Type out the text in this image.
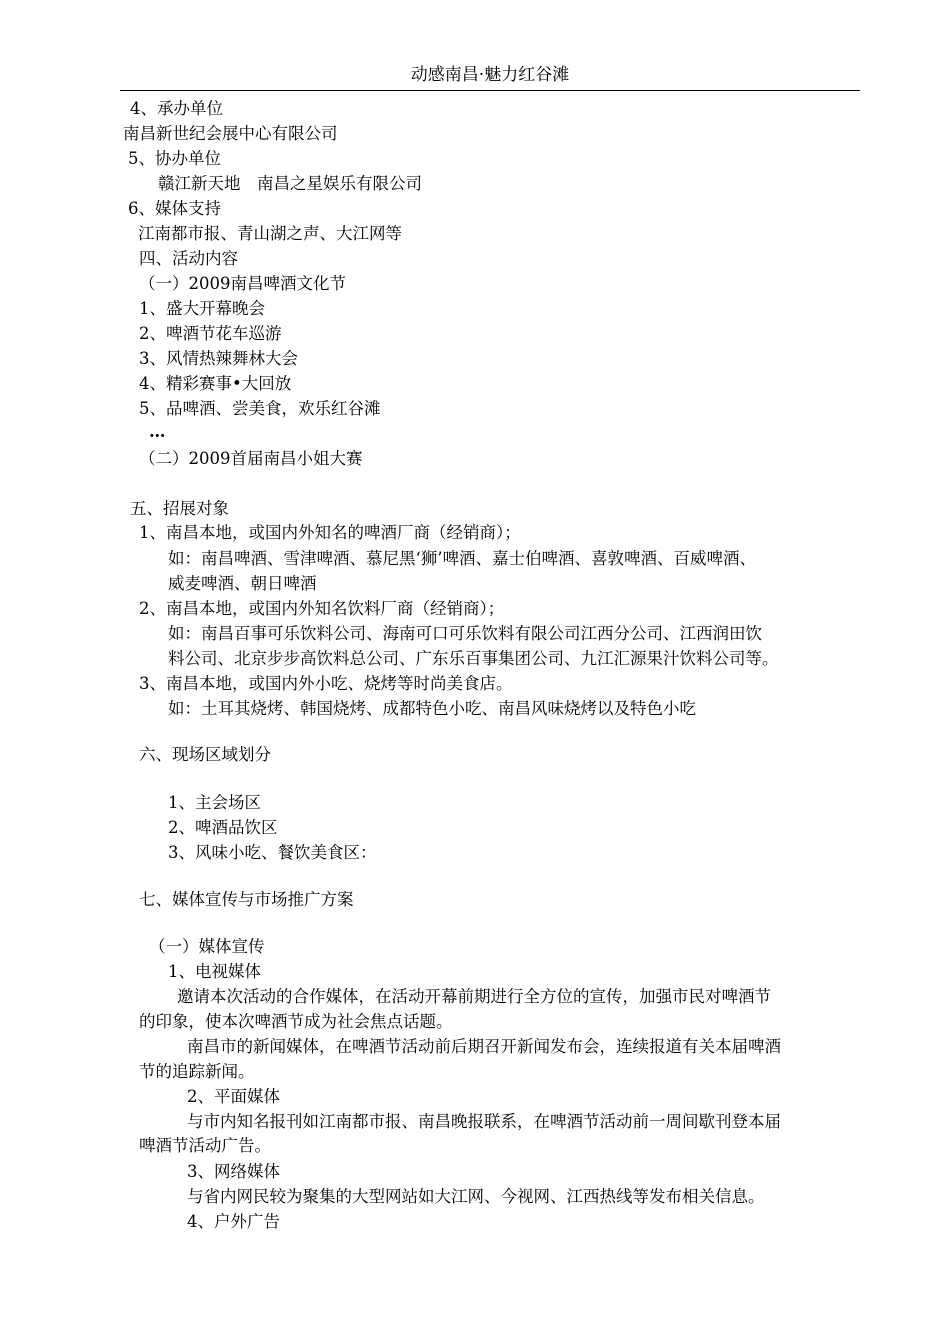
动感南昌·魅力红谷滩
4、承办单位
南昌新世纪会展中心有限公司
5、协办单位
赣江新天地　南昌之星娱乐有限公司
6、媒体支持
江南都市报、青山湖之声、大江网等
四、活动内容
（一）2009南昌啤酒文化节
1、盛大开幕晚会
2、啤酒节花车巡游
3、风情热辣舞林大会
4、精彩赛事•大回放
5、品啤酒、尝美食，欢乐红谷滩
…
（二）2009首届南昌小姐大赛
五、招展对象
1、南昌本地，或国内外知名的啤酒厂商（经销商）；
如：南昌啤酒、雪津啤酒、慕尼黑‘狮’啤酒、嘉士伯啤酒、喜敦啤酒、百威啤酒、
威麦啤酒、朝日啤酒
2、南昌本地，或国内外知名饮料厂商（经销商）；
如：南昌百事可乐饮料公司、海南可口可乐饮料有限公司江西分公司、江西润田饮
料公司、北京步步高饮料总公司、广东乐百事集团公司、九江汇源果汁饮料公司等。
3、南昌本地，或国内外小吃、烧烤等时尚美食店。
如：土耳其烧烤、韩国烧烤、成都特色小吃、南昌风味烧烤以及特色小吃
六、现场区域划分
1、主会场区
2、啤酒品饮区
3、风味小吃、餐饮美食区：
七、媒体宣传与市场推广方案
（一）媒体宣传
1、电视媒体
邀请本次活动的合作媒体，在活动开幕前期进行全方位的宣传，加强市民对啤酒节
的印象，使本次啤酒节成为社会焦点话题。
南昌市的新闻媒体，在啤酒节活动前后期召开新闻发布会，连续报道有关本届啤酒
节的追踪新闻。
2、平面媒体
与市内知名报刊如江南都市报、南昌晚报联系，在啤酒节活动前一周间歇刊登本届
啤酒节活动广告。
3、网络媒体
与省内网民较为聚集的大型网站如大江网、今视网、江西热线等发布相关信息。
4、户外广告
